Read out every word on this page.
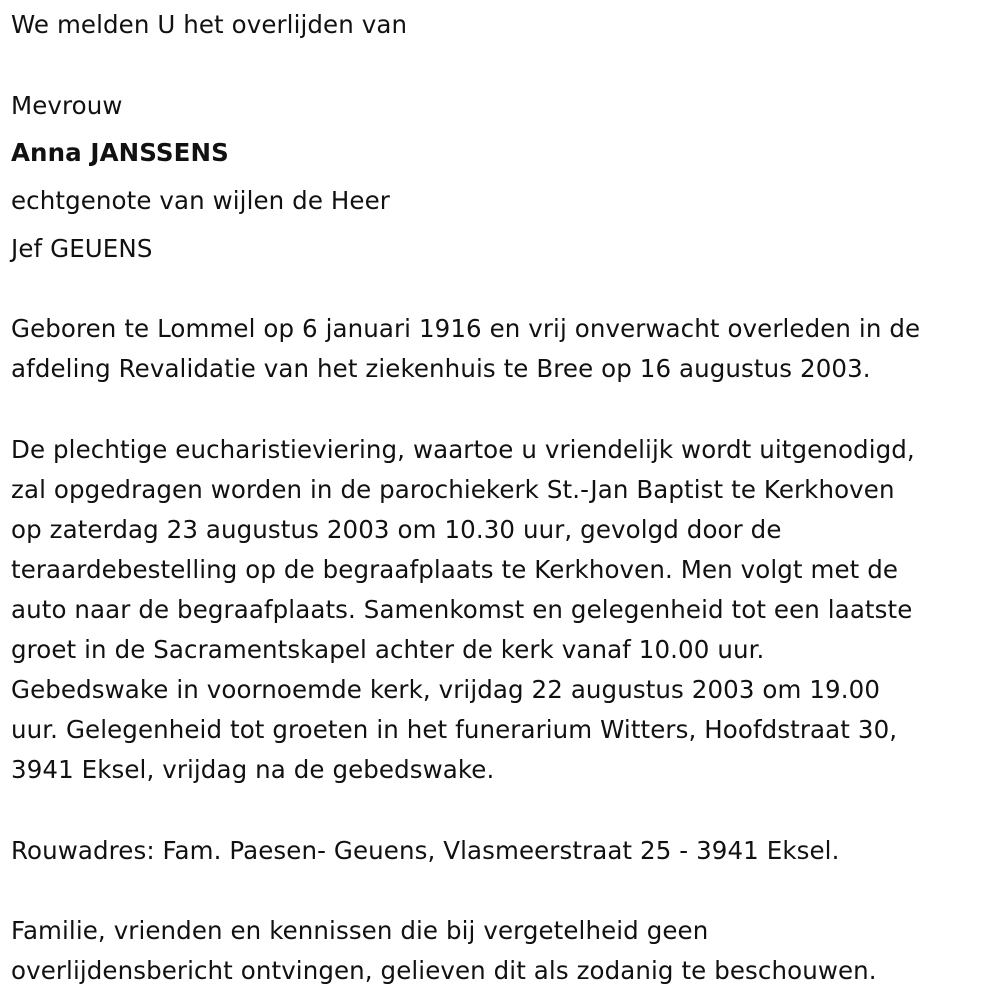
We melden U het overlijden van
Mevrouw
Anna JANSSENS
echtgenote van wijlen de Heer
Jef GEUENS
Geboren te Lommel op 6 januari 1916 en vrij onverwacht overleden in de
afdeling Revalidatie van het ziekenhuis te Bree op 16 augustus 2003.
De plechtige eucharistieviering, waartoe u vriendelijk wordt uitgenodigd,
zal opgedragen worden in de parochiekerk St.-Jan Baptist te Kerkhoven
op zaterdag 23 augustus 2003 om 10.30 uur, gevolgd door de
teraardebestelling op de begraafplaats te Kerkhoven. Men volgt met de
auto naar de begraafplaats. Samenkomst en gelegenheid tot een laatste
groet in de Sacramentskapel achter de kerk vanaf 10.00 uur.
Gebedswake in voornoemde kerk, vrijdag 22 augustus 2003 om 19.00
uur. Gelegenheid tot groeten in het funerarium Witters, Hoofdstraat 30,
3941 Eksel, vrijdag na de gebedswake.
Rouwadres: Fam. Paesen- Geuens, Vlasmeerstraat 25 - 3941 Eksel.
Familie, vrienden en kennissen die bij vergetelheid geen
overlijdensbericht ontvingen, gelieven dit als zodanig te beschouwen.
